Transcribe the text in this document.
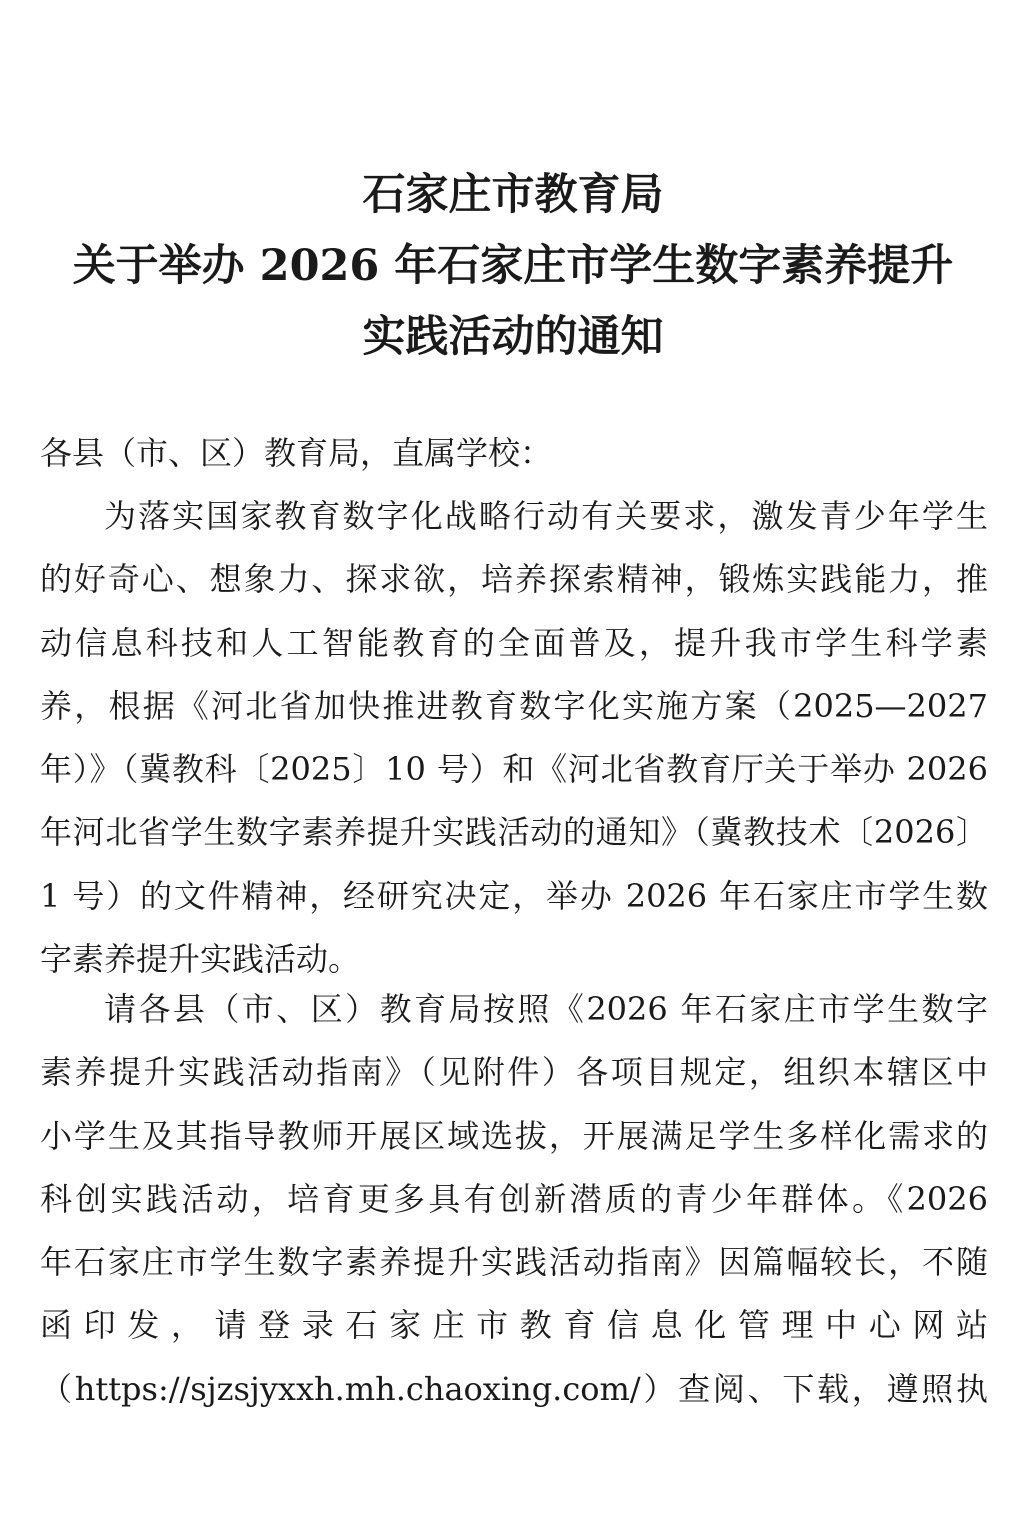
石家庄市教育局
关于举办 2026 年石家庄市学生数字素养提升
实践活动的通知
各县（市、区）教育局，直属学校：
为落实国家教育数字化战略行动有关要求，激发青少年学生
的好奇心、想象力、探求欲，培养探索精神，锻炼实践能力，推
动信息科技和人工智能教育的全面普及，提升我市学生科学素
养，根据《河北省加快推进教育数字化实施方案（2025—2027
年）》（冀教科〔2025〕10 号）和《河北省教育厅关于举办 2026
年河北省学生数字素养提升实践活动的通知》（冀教技术〔2026〕
1 号）的文件精神，经研究决定，举办 2026 年石家庄市学生数
字素养提升实践活动。
请各县（市、区）教育局按照《2026 年石家庄市学生数字
素养提升实践活动指南》（见附件）各项目规定，组织本辖区中
小学生及其指导教师开展区域选拔，开展满足学生多样化需求的
科创实践活动，培育更多具有创新潜质的青少年群体。《2026
年石家庄市学生数字素养提升实践活动指南》因篇幅较长，不随
函印发，请登录石家庄市教育信息化管理中心网站
（https://sjzsjyxxh.mh.chaoxing.com/）查阅、下载，遵照执
